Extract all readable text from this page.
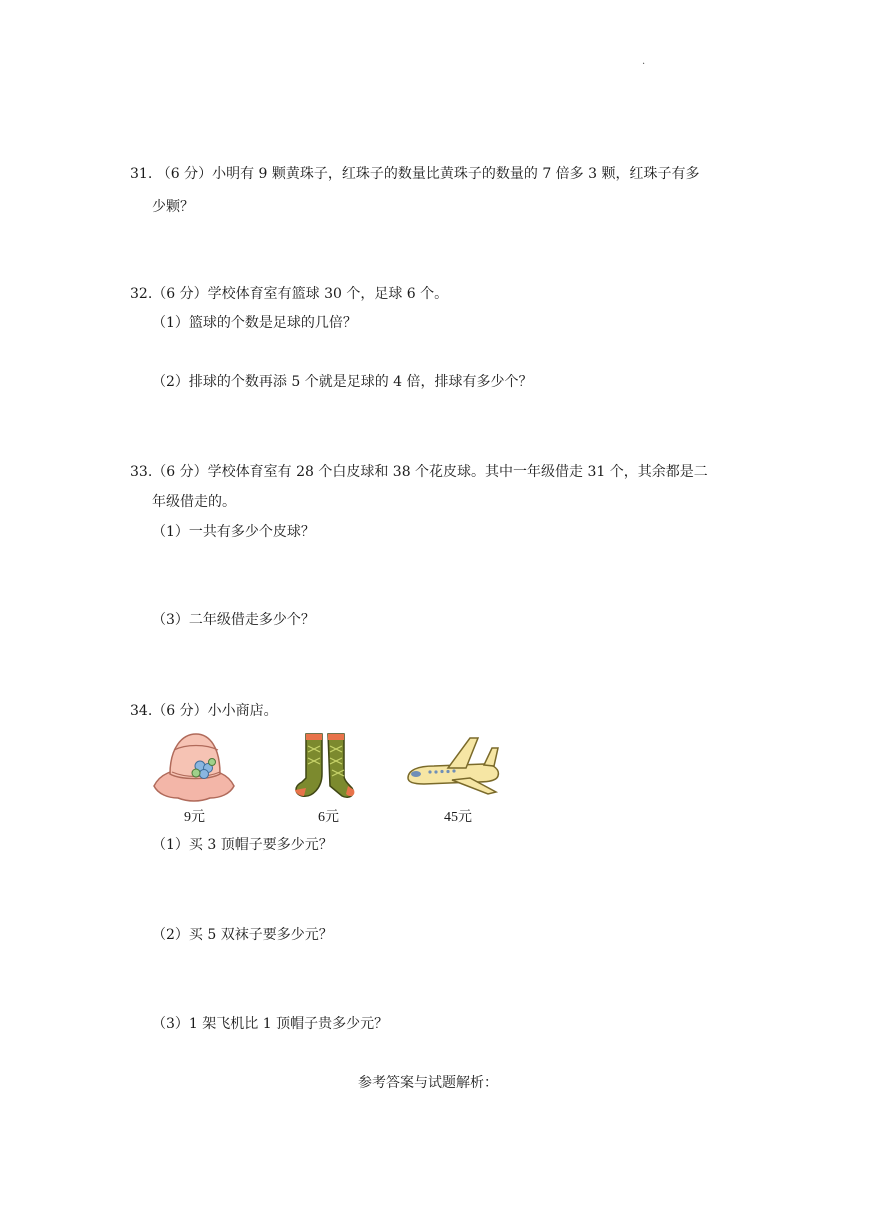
.
31. （6 分）小明有 9 颗黄珠子，红珠子的数量比黄珠子的数量的 7 倍多 3 颗，红珠子有多
少颗？
32.（6 分）学校体育室有篮球 30 个，足球 6 个。
（1）篮球的个数是足球的几倍？
（2）排球的个数再添 5 个就是足球的 4 倍，排球有多少个？
33.（6 分）学校体育室有 28 个白皮球和 38 个花皮球。其中一年级借走 31 个，其余都是二
年级借走的。
（1）一共有多少个皮球？
（3）二年级借走多少个？
34.（6 分）小小商店。
9元	6元	45元
（1）买 3 顶帽子要多少元？
（2）买 5 双袜子要多少元？
（3）1 架飞机比 1 顶帽子贵多少元？
参考答案与试题解析：
